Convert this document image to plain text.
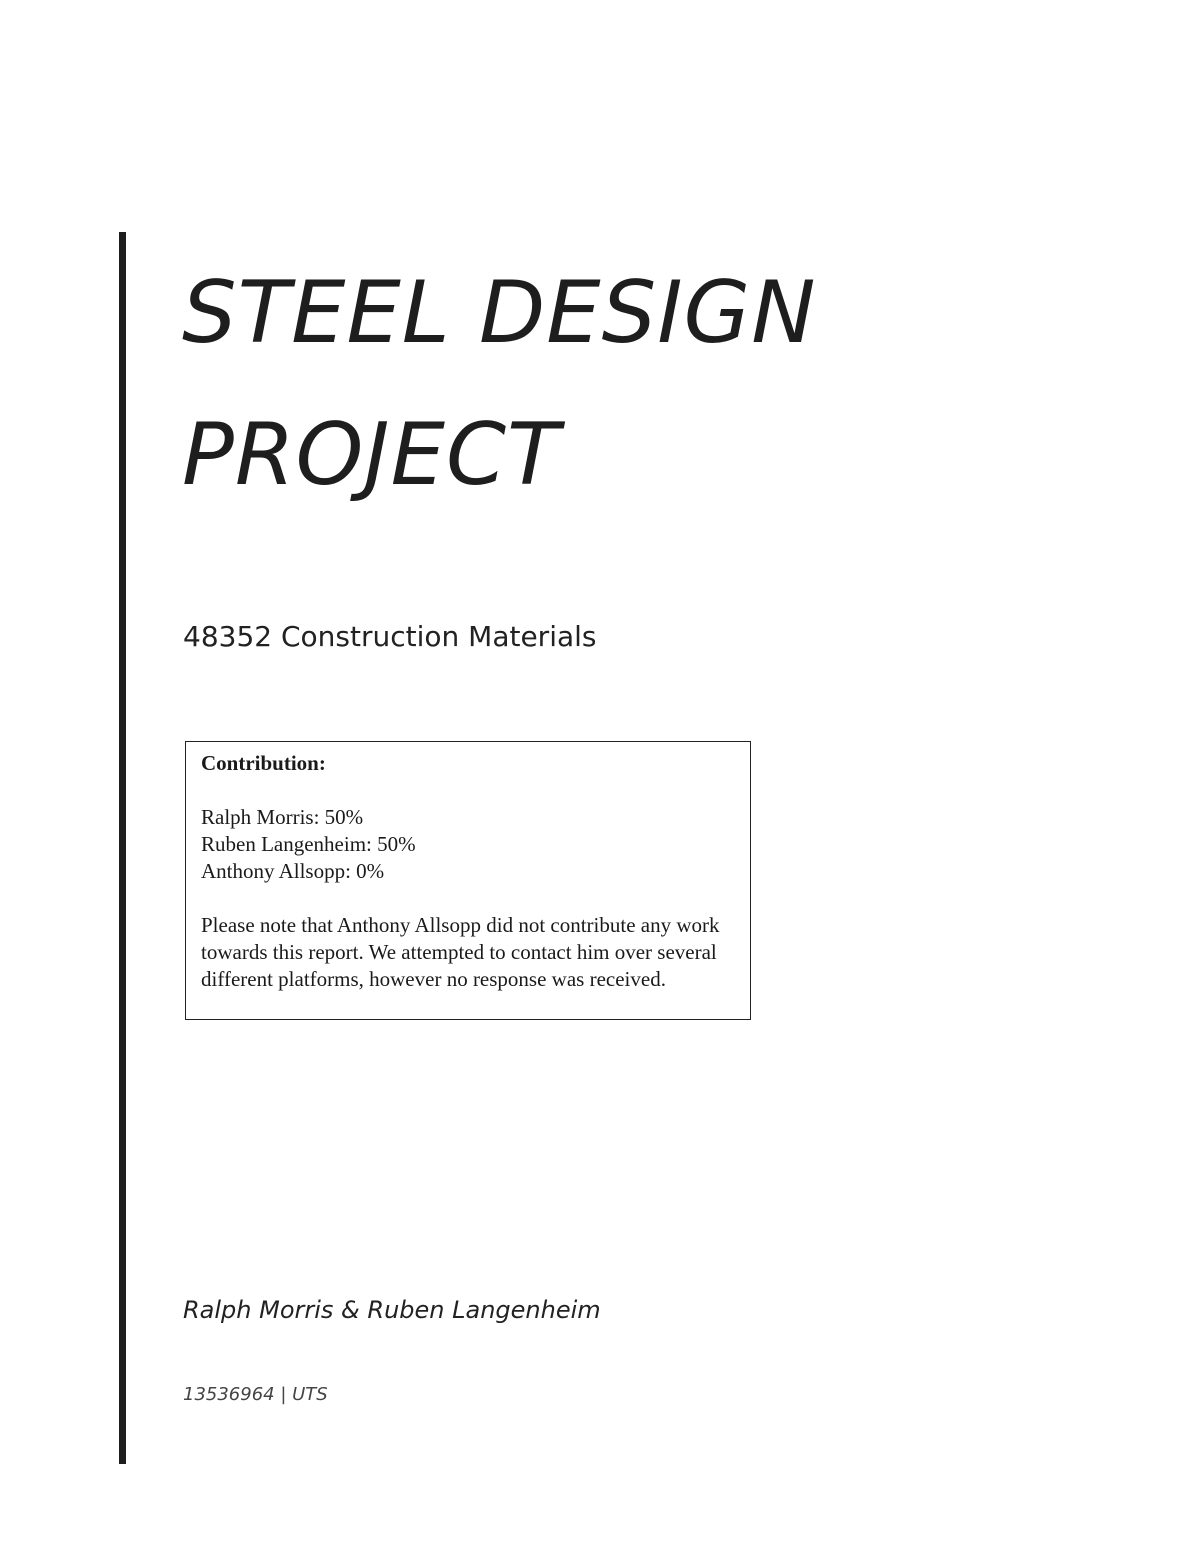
STEEL DESIGN
PROJECT

48352 Construction Materials

Contribution:

Ralph Morris: 50%

Ruben Langenheim: 50%

Anthony Allsopp: 0%

Please note that Anthony Allsopp did not contribute any work towards this report. We attempted to contact him over several different platforms, however no response was received.

Ralph Morris & Ruben Langenheim

13536964 | UTS
